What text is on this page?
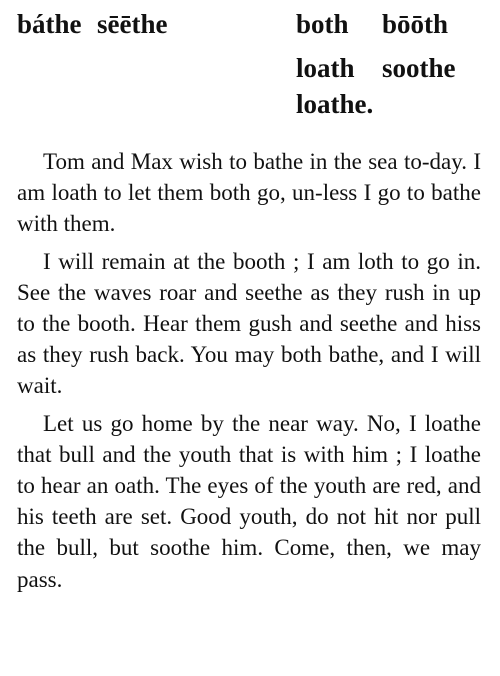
báthe sēēthe	both bōōth
loath soothe
loathe.

Tom and Max wish to bathe in the sea to-day. I am loath to let them both go, un-less I go to bathe with them.

I will remain at the booth ; I am loth to go in. See the waves roar and seethe as they rush in up to the booth. Hear them gush and seethe and hiss as they rush back. You may both bathe, and I will wait.

Let us go home by the near way. No, I loathe that bull and the youth that is with him ; I loathe to hear an oath. The eyes of the youth are red, and his teeth are set. Good youth, do not hit nor pull the bull, but soothe him. Come, then, we may pass.
